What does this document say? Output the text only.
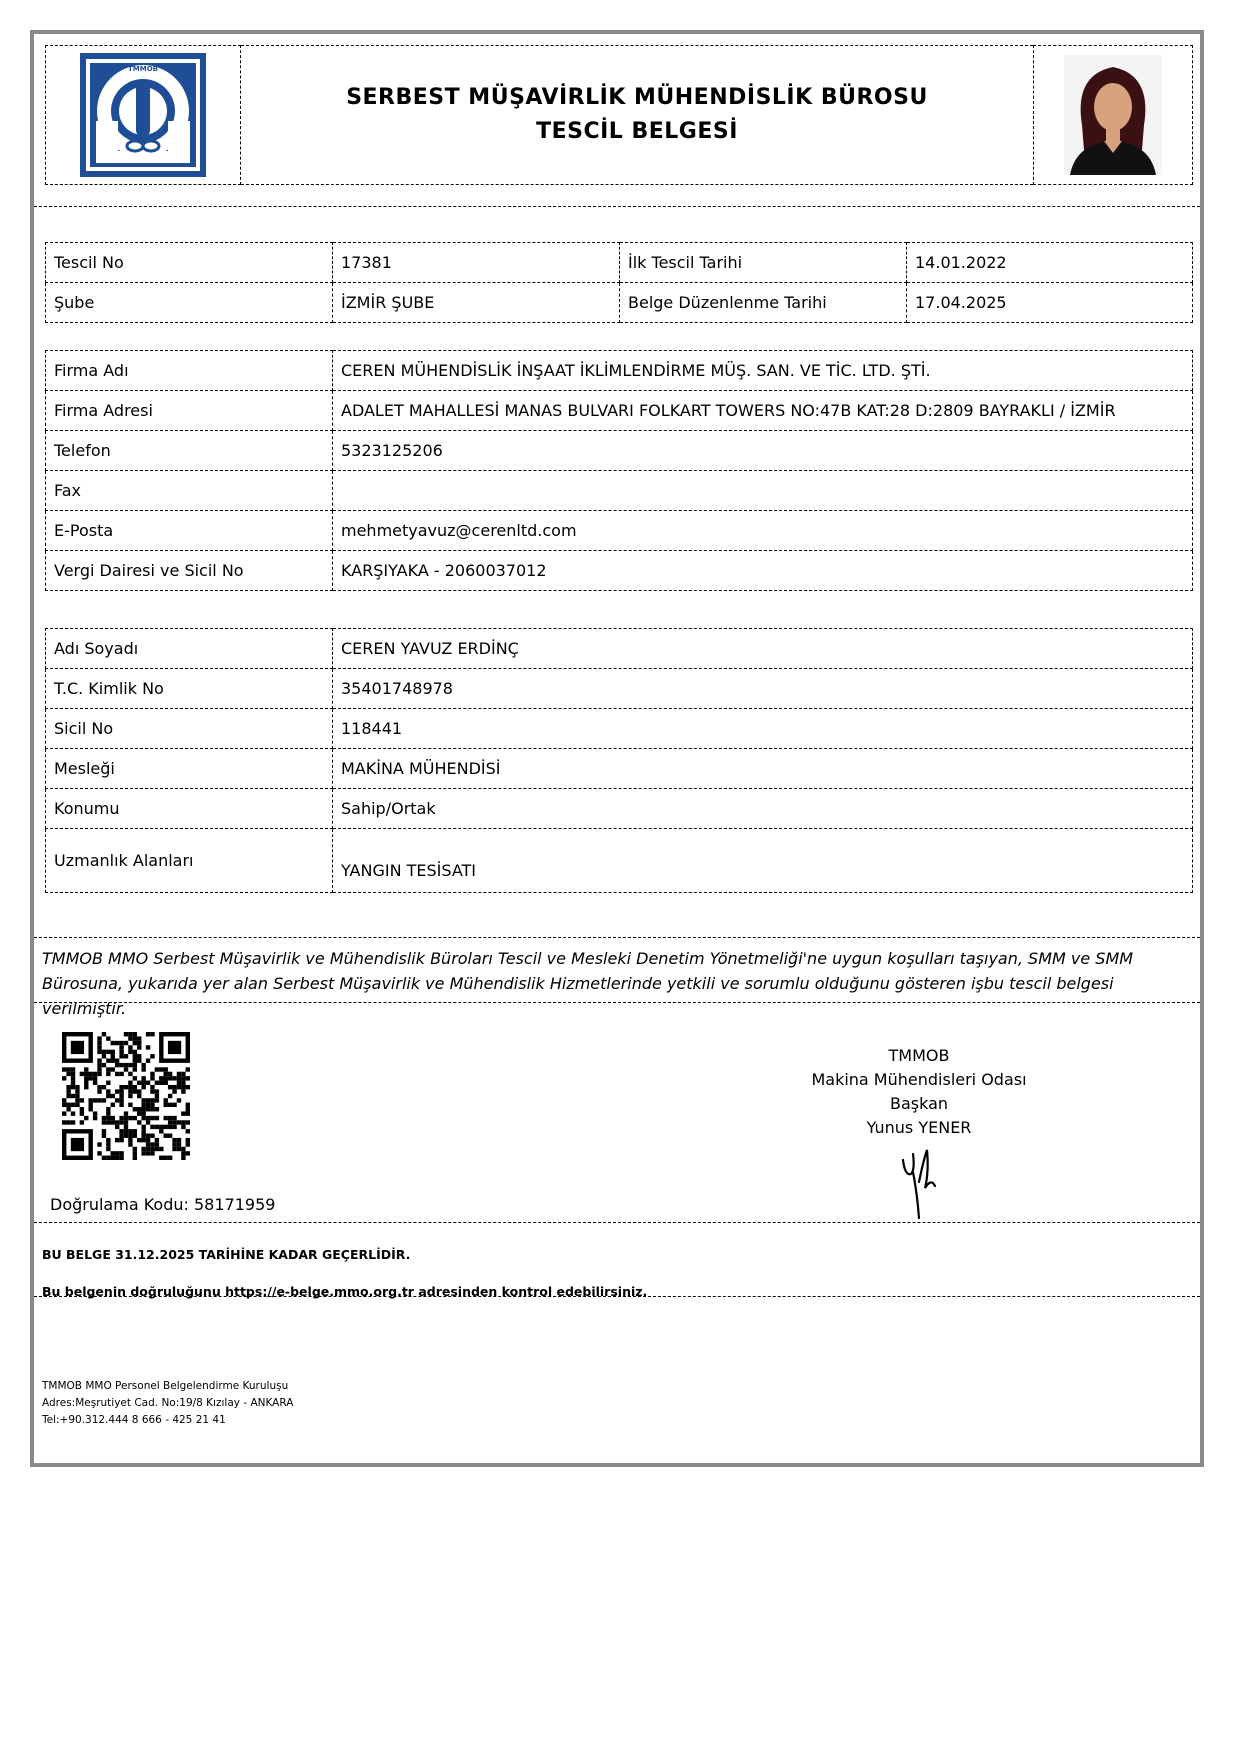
TMMOB
SERBEST MÜŞAVİRLİK MÜHENDİSLİK BÜROSU
TESCİL BELGESİ
Tescil No	17381	İlk Tescil Tarihi	14.01.2022
Şube	İZMİR ŞUBE	Belge Düzenlenme Tarihi	17.04.2025
Firma Adı	CEREN MÜHENDİSLİK İNŞAAT İKLİMLENDİRME MÜŞ. SAN. VE TİC. LTD. ŞTİ.
Firma Adresi	ADALET MAHALLESİ MANAS BULVARI FOLKART TOWERS NO:47B KAT:28 D:2809 BAYRAKLI / İZMİR
Telefon	5323125206
Fax	
E-Posta	mehmetyavuz@cerenltd.com
Vergi Dairesi ve Sicil No	KARŞIYAKA - 2060037012
Adı Soyadı	CEREN YAVUZ ERDİNÇ
T.C. Kimlik No	35401748978
Sicil No	118441
Mesleği	MAKİNA MÜHENDİSİ
Konumu	Sahip/Ortak
Uzmanlık Alanları	YANGIN TESİSATI
TMMOB MMO Serbest Müşavirlik ve Mühendislik Büroları Tescil ve Mesleki Denetim Yönetmeliği'ne uygun koşulları taşıyan, SMM ve SMM Bürosuna, yukarıda yer alan Serbest Müşavirlik ve Mühendislik Hizmetlerinde yetkili ve sorumlu olduğunu gösteren işbu tescil belgesi verilmiştir.
Doğrulama Kodu: 58171959
TMMOB
Makina Mühendisleri Odası
Başkan
Yunus YENER
BU BELGE 31.12.2025 TARİHİNE KADAR GEÇERLİDİR.
Bu belgenin doğruluğunu https://e-belge.mmo.org.tr adresinden kontrol edebilirsiniz.
TMMOB MMO Personel Belgelendirme Kuruluşu
Adres:Meşrutiyet Cad. No:19/8 Kızılay - ANKARA
Tel:+90.312.444 8 666 - 425 21 41
